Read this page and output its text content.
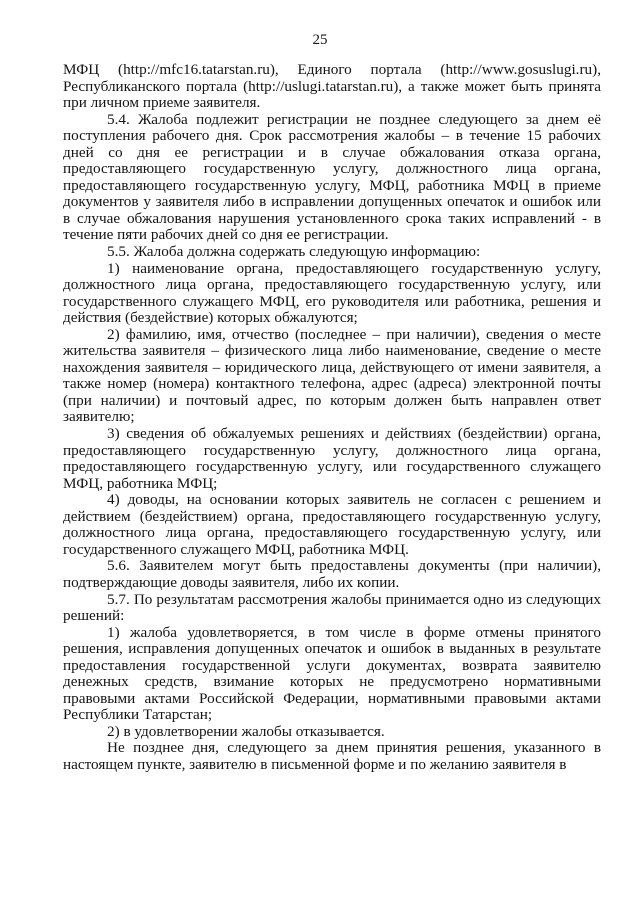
25

МФЦ (http://mfc16.tatarstan.ru), Единого портала (http://www.gosuslugi.ru), Республиканского портала (http://uslugi.tatarstan.ru), а также может быть принята при личном приеме заявителя.

5.4. Жалоба подлежит регистрации не позднее следующего за днем её поступления рабочего дня. Срок рассмотрения жалобы – в течение 15 рабочих дней со дня ее регистрации и в случае обжалования отказа органа, предоставляющего государственную услугу, должностного лица органа, предоставляющего государственную услугу, МФЦ, работника МФЦ в приеме документов у заявителя либо в исправлении допущенных опечаток и ошибок или в случае обжалования нарушения установленного срока таких исправлений - в течение пяти рабочих дней со дня ее регистрации.

5.5. Жалоба должна содержать следующую информацию:

1) наименование органа, предоставляющего государственную услугу, должностного лица органа, предоставляющего государственную услугу, или государственного служащего МФЦ, его руководителя или работника, решения и действия (бездействие) которых обжалуются;

2) фамилию, имя, отчество (последнее – при наличии), сведения о месте жительства заявителя – физического лица либо наименование, сведение о месте нахождения заявителя – юридического лица, действующего от имени заявителя, а также номер (номера) контактного телефона, адрес (адреса) электронной почты (при наличии) и почтовый адрес, по которым должен быть направлен ответ заявителю;

3) сведения об обжалуемых решениях и действиях (бездействии) органа, предоставляющего государственную услугу, должностного лица органа, предоставляющего государственную услугу, или государственного служащего МФЦ, работника МФЦ;

4) доводы, на основании которых заявитель не согласен с решением и действием (бездействием) органа, предоставляющего государственную услугу, должностного лица органа, предоставляющего государственную услугу, или государственного служащего МФЦ, работника МФЦ.

5.6. Заявителем могут быть предоставлены документы (при наличии), подтверждающие доводы заявителя, либо их копии.

5.7. По результатам рассмотрения жалобы принимается одно из следующих решений:

1) жалоба удовлетворяется, в том числе в форме отмены принятого решения, исправления допущенных опечаток и ошибок в выданных в результате предоставления государственной услуги документах, возврата заявителю денежных средств, взимание которых не предусмотрено нормативными правовыми актами Российской Федерации, нормативными правовыми актами Республики Татарстан;

2) в удовлетворении жалобы отказывается.

Не позднее дня, следующего за днем принятия решения, указанного в настоящем пункте, заявителю в письменной форме и по желанию заявителя в
